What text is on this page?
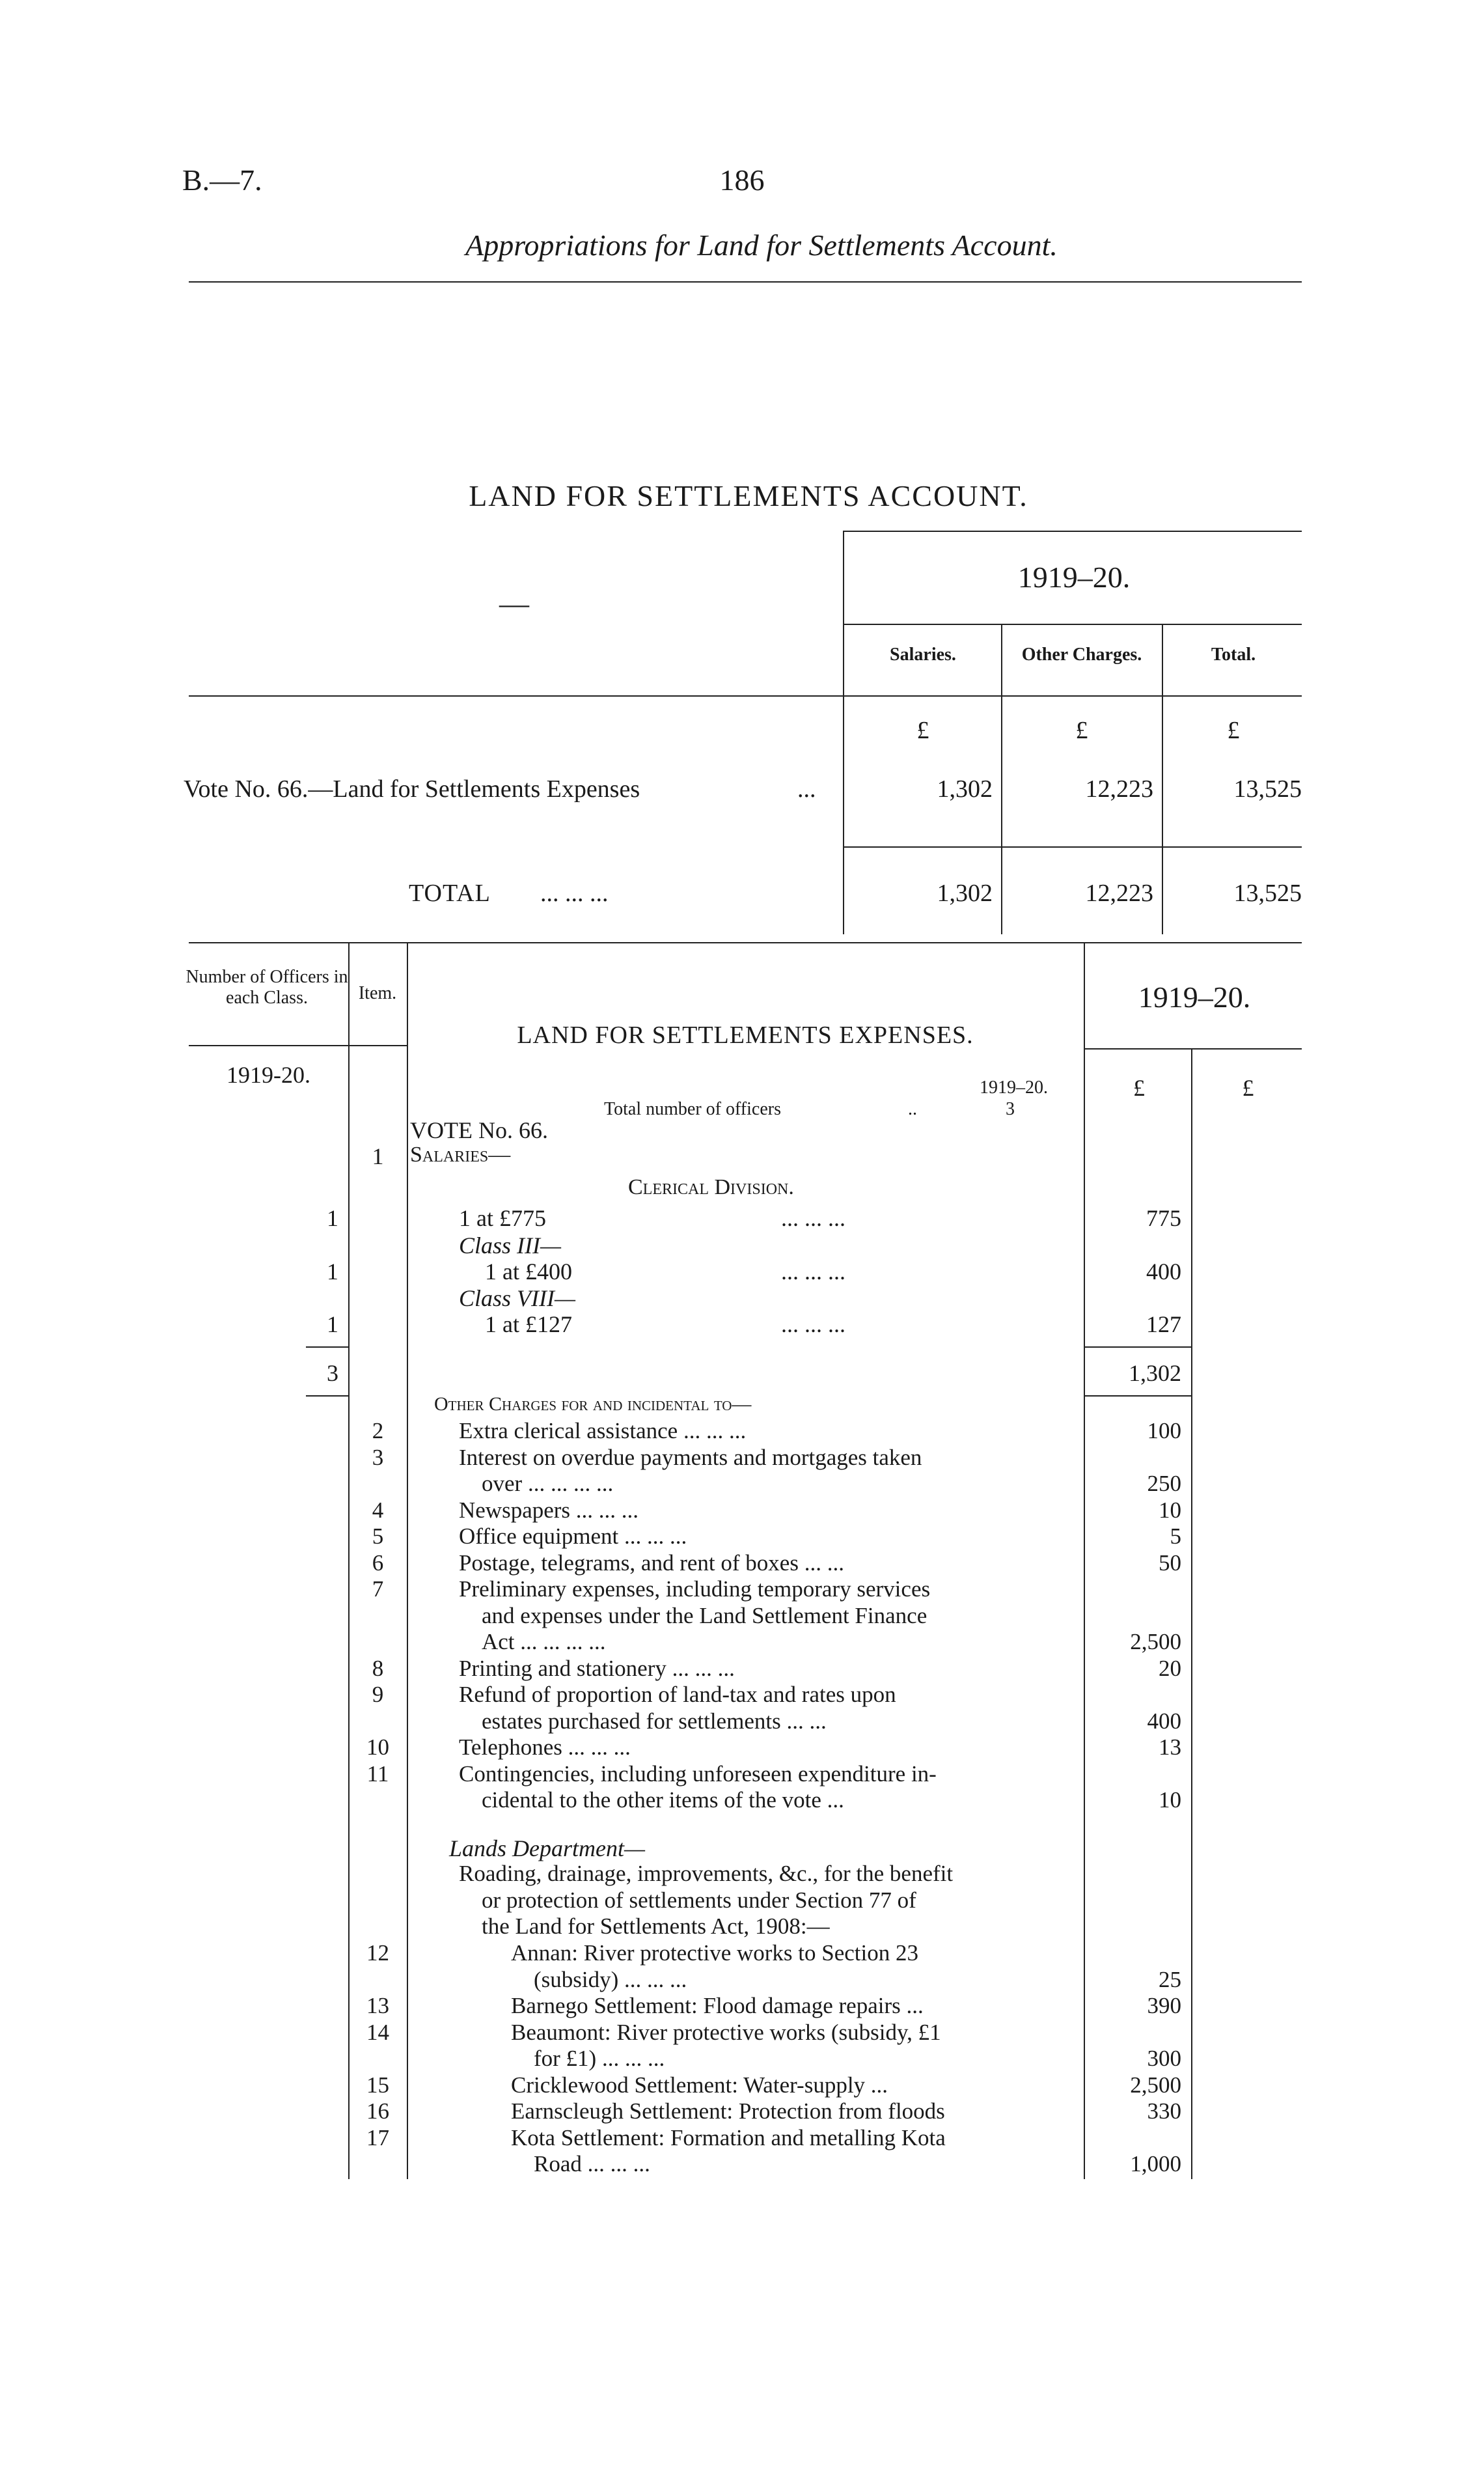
B.—7.	186
Appropriations for Land for Settlements Account.
LAND FOR SETTLEMENTS ACCOUNT.
1919–20.
—
Salaries.	Other Charges.	Total.
£	£	£
Vote No. 66.—Land for Settlements Expenses	...	1,302	12,223	13,525
TOTAL ... ... ...	1,302	12,223	13,525
Number of Officers in each Class.	Item.
LAND FOR SETTLEMENTS EXPENSES.
1919–20.
1919-20.	1919–20.
Total number of officers	..	3
£	£
VOTE No. 66.
1	Salaries—
Clerical Division.
1	1 at £775	... ... ...	775
Class III—
1	1 at £400	... ... ...	400
Class VIII—
1	1 at £127	... ... ...	127
3	1,302
Other Charges for and incidental to—
2	Extra clerical assistance ... ... ...	100
3	Interest on overdue payments and mortgages taken
over ... ... ... ...	250
4	Newspapers ... ... ...	10
5	Office equipment ... ... ...	5
6	Postage, telegrams, and rent of boxes ... ...	50
7	Preliminary expenses, including temporary services
and expenses under the Land Settlement Finance
Act ... ... ... ...	2,500
8	Printing and stationery ... ... ...	20
9	Refund of proportion of land-tax and rates upon
estates purchased for settlements ... ...	400
10	Telephones ... ... ...	13
11	Contingencies, including unforeseen expenditure in-
cidental to the other items of the vote ...	10
Lands Department—
Roading, drainage, improvements, &c., for the benefit
or protection of settlements under Section 77 of
the Land for Settlements Act, 1908:—
12	Annan: River protective works to Section 23
(subsidy) ... ... ...	25
13	Barnego Settlement: Flood damage repairs ...	390
14	Beaumont: River protective works (subsidy, £1
for £1) ... ... ...	300
15	Cricklewood Settlement: Water-supply ...	2,500
16	Earnscleugh Settlement: Protection from floods	330
17	Kota Settlement: Formation and metalling Kota
Road ... ... ...	1,000
